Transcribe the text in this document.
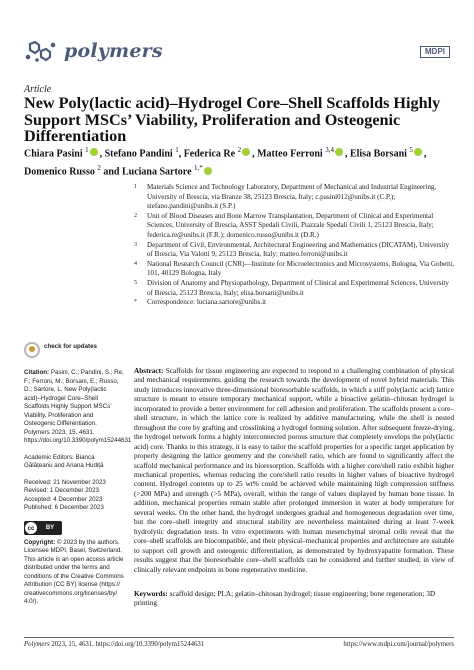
polymers	MDPI
Article
New Poly(lactic acid)–Hydrogel Core–Shell Scaffolds Highly Support MSCs’ Viability, Proliferation and Osteogenic Differentiation
Chiara Pasini $^1$ , Stefano Pandini $^1$, Federica Re $^2$ , Matteo Ferroni $^{3,4}$ , Elisa Borsani $^5$ , Domenico Russo $^2$ and Luciana Sartore $^{1,*}$
1 Materials Science and Technology Laboratory, Department of Mechanical and Industrial Engineering, University of Brescia, via Branze 38, 25123 Brescia, Italy; c.pasini012@unibs.it (C.P.); stefano.pandini@unibs.it (S.P.)
2 Unit of Blood Diseases and Bone Marrow Transplantation, Department of Clinical and Experimental Sciences, University of Brescia, ASST Spedali Civili, Piazzale Spedali Civili 1, 25123 Brescia, Italy; federica.re@unibs.it (F.R.); domenico.russo@unibs.it (D.R.)
3 Department of Civil, Environmental, Architectural Engineering and Mathematics (DICATAM), University of Brescia, Via Valotti 9, 25123 Brescia, Italy; matteo.ferroni@unibs.it
4 National Research Council (CNR)—Institute for Microelectronics and Microsystems, Bologna, Via Gobetti, 101, 40129 Bologna, Italy
5 Division of Anatomy and Physiopathology, Department of Clinical and Experimental Sciences, University of Brescia, 25123 Brescia, Italy; elisa.borsani@unibs.it
* Correspondence: luciana.sartore@unibs.it
check for updates
Citation: Pasini, C.; Pandini, S.; Re, F.; Ferroni, M.; Borsani, E.; Russo, D.; Sartore, L. New Poly(lactic acid)–Hydrogel Core–Shell Scaffolds Highly Support MSCs’ Viability, Proliferation and Osteogenic Differentiation. Polymers 2023, 15, 4631. https://doi.org/10.3390/polym15244631
Academic Editors: Bianca Gălățeanu and Ariana Hudiță
Received: 21 November 2023
Revised: 1 December 2023
Accepted: 4 December 2023
Published: 6 December 2023
cc	BY
Copyright: © 2023 by the authors. Licensee MDPI, Basel, Switzerland. This article is an open access article distributed under the terms and conditions of the Creative Commons Attribution (CC BY) license (https:// creativecommons.org/licenses/by/ 4.0/).
Abstract: Scaffolds for tissue engineering are expected to respond to a challenging combination of physical and mechanical requirements, guiding the research towards the development of novel hybrid materials. This study introduces innovative three-dimensional bioresorbable scaffolds, in which a stiff poly(lactic acid) lattice structure is meant to ensure temporary mechanical support, while a bioactive gelatin–chitosan hydrogel is incorporated to provide a better environment for cell adhesion and proliferation. The scaffolds present a core–shell structure, in which the lattice core is realized by additive manufacturing, while the shell is nested throughout the core by grafting and crosslinking a hydrogel forming solution. After subsequent freeze-drying, the hydrogel network forms a highly interconnected porous structure that completely envelops the poly(lactic acid) core. Thanks to this strategy, it is easy to tailor the scaffold properties for a specific target application by properly designing the lattice geometry and the core/shell ratio, which are found to significantly affect the scaffold mechanical performance and its bioresorption. Scaffolds with a higher core/shell ratio exhibit higher mechanical properties, whereas reducing the core/shell ratio results in higher values of bioactive hydrogel content. Hydrogel contents up to 25 wt% could be achieved while maintaining high compression stiffness (>200 MPa) and strength (>5 MPa), overall, within the range of values displayed by human bone tissue. In addition, mechanical properties remain stable after prolonged immersion in water at body temperature for several weeks. On the other hand, the hydrogel undergoes gradual and homogeneous degradation over time, but the core–shell integrity and structural stability are nevertheless maintained during at least 7-week hydrolytic degradation tests. In vitro experiments with human mesenchymal stromal cells reveal that the core–shell scaffolds are biocompatible, and their physical–mechanical properties and architecture are suitable to support cell growth and osteogenic differentiation, as demonstrated by hydroxyapatite formation. These results suggest that the bioresorbable core–shell scaffolds can be considered and further studied, in view of clinically relevant endpoints in bone regenerative medicine.
Keywords: scaffold design; PLA; gelatin–chitosan hydrogel; tissue engineering; bone regeneration; 3D printing
Polymers 2023, 15, 4631. https://doi.org/10.3390/polym15244631	https://www.mdpi.com/journal/polymers
